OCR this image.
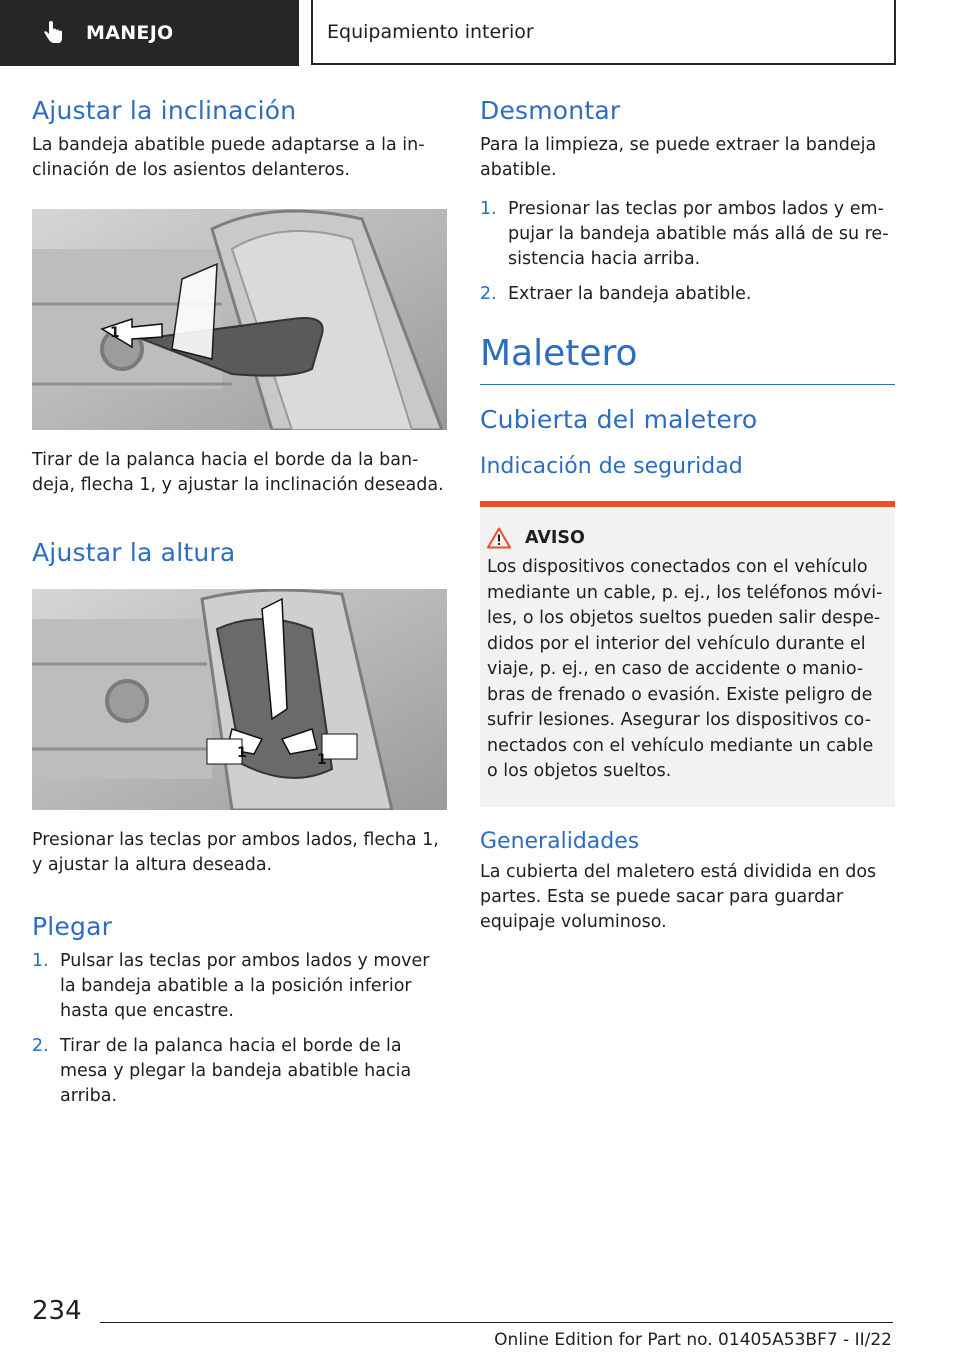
MANEJO	Equipamiento interior
Ajustar la inclinación

La bandeja abatible puede adaptarse a la in-clinación de los asientos delanteros.

1

Tirar de la palanca hacia el borde da la ban-deja, flecha 1, y ajustar la inclinación deseada.

Ajustar la altura
1	1

Presionar las teclas por ambos lados, flecha 1, y ajustar la altura deseada.

Plegar
1. Pulsar las teclas por ambos lados y mover la bandeja abatible a la posición inferior hasta que encastre.
2. Tirar de la palanca hacia el borde de la mesa y plegar la bandeja abatible hacia arriba.
Desmontar

Para la limpieza, se puede extraer la bandeja abatible.

1. Presionar las teclas por ambos lados y em-pujar la bandeja abatible más allá de su re-sistencia hacia arriba.
2. Extraer la bandeja abatible.
Maletero
Cubierta del maletero
Indicación de seguridad
AVISO

Los dispositivos conectados con el vehículo mediante un cable, p. ej., los teléfonos móvi-les, o los objetos sueltos pueden salir despe-didos por el interior del vehículo durante el viaje, p. ej., en caso de accidente o manio-bras de frenado o evasión. Existe peligro de sufrir lesiones. Asegurar los dispositivos co-nectados con el vehículo mediante un cable o los objetos sueltos.

Generalidades

La cubierta del maletero está dividida en dos partes. Esta se puede sacar para guardar equipaje voluminoso.

234
Online Edition for Part no. 01405A53BF7 - II/22
